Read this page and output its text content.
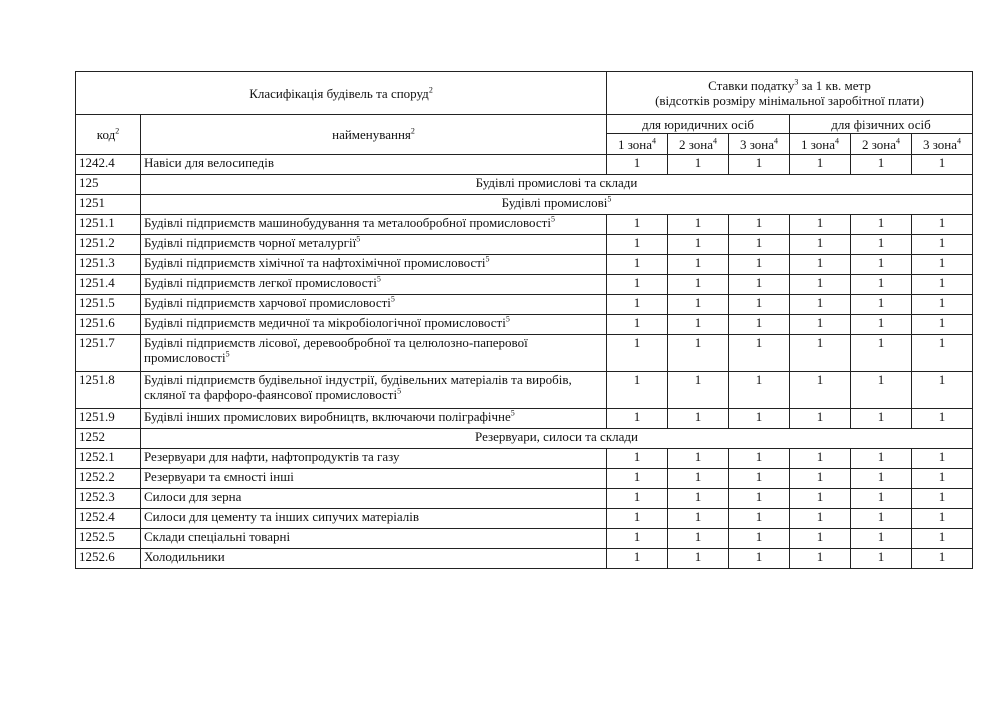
Класифікація будівель та споруд$^2$		Ставки податку$^3$ за 1 кв. метр
(відсотків розміру мінімальної заробітної плати)					

код$^2$	найменування$^2$	для юридичних осіб			для фізичних осіб		
		1 зона$^4$	2 зона$^4$	3 зона$^4$	1 зона$^4$	2 зона$^4$	3 зона$^4$
1242.4	Навіси для велосипедів	1	1	1	1	1	1
125	Будівлі промислові та склади						
1251	Будівлі промислові$^5$
1251.1	Будівлі підприємств машинобудування та металообробної промисловості$^5$	1	1	1	1	1	1
1251.2	Будівлі підприємств чорної металургії$^5$	1	1	1	1	1	1
1251.3	Будівлі підприємств хімічної та нафтохімічної промисловості$^5$	1	1	1	1	1	1
1251.4	Будівлі підприємств легкої промисловості$^5$	1	1	1	1	1	1
1251.5	Будівлі підприємств харчової промисловості$^5$	1	1	1	1	1	1
1251.6	Будівлі підприємств медичної та мікробіологічної промисловості$^5$	1	1	1	1	1	1
1251.7	Будівлі підприємств лісової, деревообробної та целюлозно-паперової промисловості$^5$	1	1	1	1	1	1
1251.8	Будівлі підприємств будівельної індустрії, будівельних матеріалів та виробів, скляної та фарфоро-фаянсової промисловості$^5$	1	1	1	1	1	1
1251.9	Будівлі інших промислових виробництв, включаючи поліграфічне$^5$	1	1	1	1	1	1
1252	Резервуари, силоси та склади						
1252.1	Резервуари для нафти, нафтопродуктів та газу	1	1	1	1	1	1
1252.2	Резервуари та ємності інші	1	1	1	1	1	1
1252.3	Силоси для зерна	1	1	1	1	1	1
1252.4	Силоси для цементу та інших сипучих матеріалів	1	1	1	1	1	1
1252.5	Склади спеціальні товарні	1	1	1	1	1	1
1252.6	Холодильники	1	1	1	1	1	1
